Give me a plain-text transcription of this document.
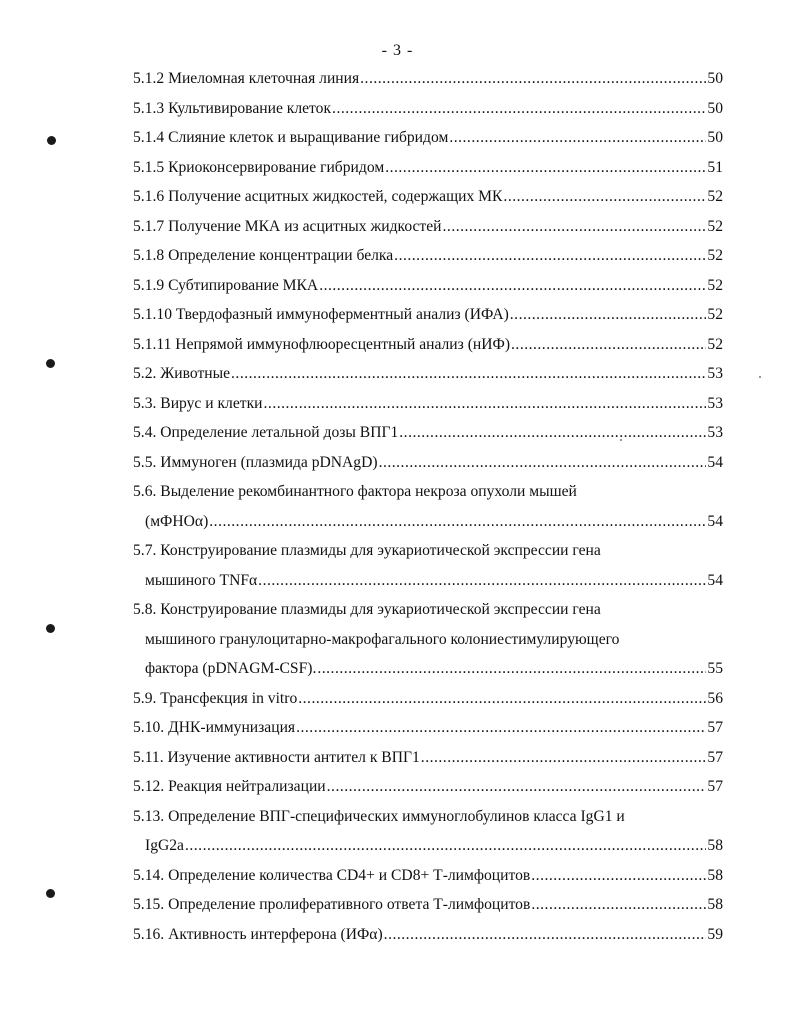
- 3 -
5.1.2 Миеломная клеточная линия .....	50
5.1.3 Культивирование клеток .....	50
5.1.4 Слияние клеток и выращивание гибридом .....	50
5.1.5 Криоконсервирование гибридом .....	51
5.1.6 Получение асцитных жидкостей, содержащих МК .....	52
5.1.7 Получение МКА из асцитных жидкостей .....	52
5.1.8 Определение концентрации белка .....	52
5.1.9 Субтипирование МКА .....	52
5.1.10 Твердофазный иммуноферментный анализ (ИФА) .....	52
5.1.11 Непрямой иммунофлюоресцентный анализ (нИФ) .....	52
5.2. Животные .....	53
5.3. Вирус и клетки .....	53
5.4. Определение летальной дозы ВПГ1 .....	53
5.5. Иммуноген (плазмида pDNAgD) .....	54
5.6. Выделение рекомбинантного фактора некроза опухоли мышей
(мФНОα) .....	54
5.7. Конструирование плазмиды для эукариотической экспрессии гена
мышиного TNFα .....	54
5.8. Конструирование плазмиды для эукариотической экспрессии гена
мышиного гранулоцитарно-макрофагального колониестимулирующего
фактора (pDNAGM-CSF). .....	55
5.9. Трансфекция in vitro .....	56
5.10. ДНК-иммунизация .....	57
5.11. Изучение активности антител к ВПГ1 .....	57
5.12. Реакция нейтрализации .....	57
5.13. Определение ВПГ-специфических иммуноглобулинов класса IgG1 и
IgG2a .....	58
5.14. Определение количества CD4+ и CD8+ Т-лимфоцитов .....	58
5.15. Определение пролиферативного ответа Т-лимфоцитов .....	58
5.16. Активность интерферона (ИФα) .....	59
